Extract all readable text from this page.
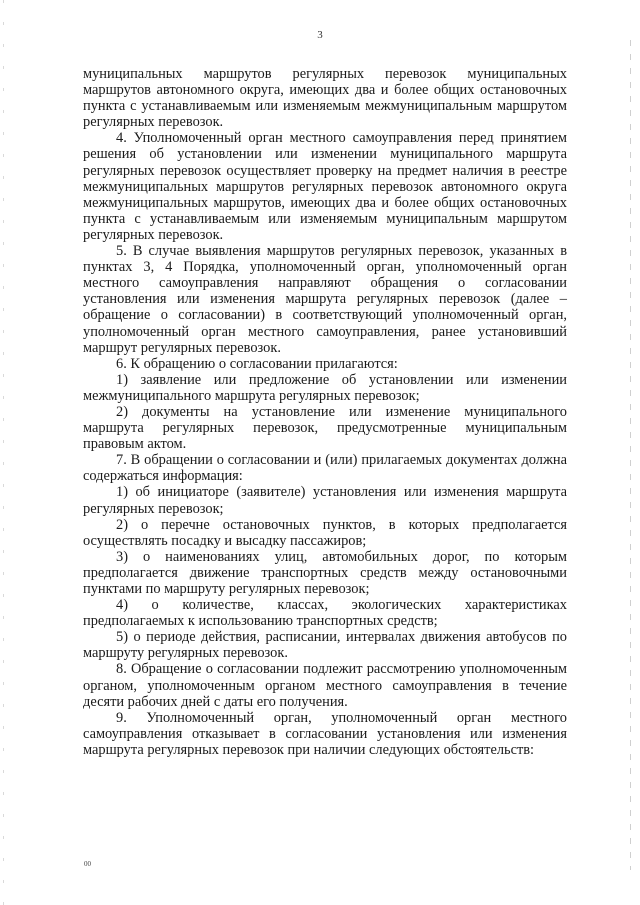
3

муниципальных маршрутов регулярных перевозок муниципальных маршрутов автономного округа, имеющих два и более общих остановочных пункта с устанавливаемым или изменяемым межмуниципальным маршрутом регулярных перевозок.

4. Уполномоченный орган местного самоуправления перед принятием решения об установлении или изменении муниципального маршрута регулярных перевозок осуществляет проверку на предмет наличия в реестре межмуниципальных маршрутов регулярных перевозок автономного округа межмуниципальных маршрутов, имеющих два и более общих остановочных пункта с устанавливаемым или изменяемым муниципальным маршрутом регулярных перевозок.

5. В случае выявления маршрутов регулярных перевозок, указанных в пунктах 3, 4 Порядка, уполномоченный орган, уполномоченный орган местного самоуправления направляют обращения о согласовании установления или изменения маршрута регулярных перевозок (далее – обращение о согласовании) в соответствующий уполномоченный орган, уполномоченный орган местного самоуправления, ранее установивший маршрут регулярных перевозок.

6. К обращению о согласовании прилагаются:

1) заявление или предложение об установлении или изменении межмуниципального маршрута регулярных перевозок;

2) документы на установление или изменение муниципального маршрута регулярных перевозок, предусмотренные муниципальным правовым актом.

7. В обращении о согласовании и (или) прилагаемых документах должна содержаться информация:

1) об инициаторе (заявителе) установления или изменения маршрута регулярных перевозок;

2) о перечне остановочных пунктов, в которых предполагается осуществлять посадку и высадку пассажиров;

3) о наименованиях улиц, автомобильных дорог, по которым предполагается движение транспортных средств между остановочными пунктами по маршруту регулярных перевозок;

4) о количестве, классах, экологических характеристиках предполагаемых к использованию транспортных средств;

5) о периоде действия, расписании, интервалах движения автобусов по маршруту регулярных перевозок.

8. Обращение о согласовании подлежит рассмотрению уполномоченным органом, уполномоченным органом местного самоуправления в течение десяти рабочих дней с даты его получения.

9. Уполномоченный орган, уполномоченный орган местного самоуправления отказывает в согласовании установления или изменения маршрута регулярных перевозок при наличии следующих обстоятельств:

00
